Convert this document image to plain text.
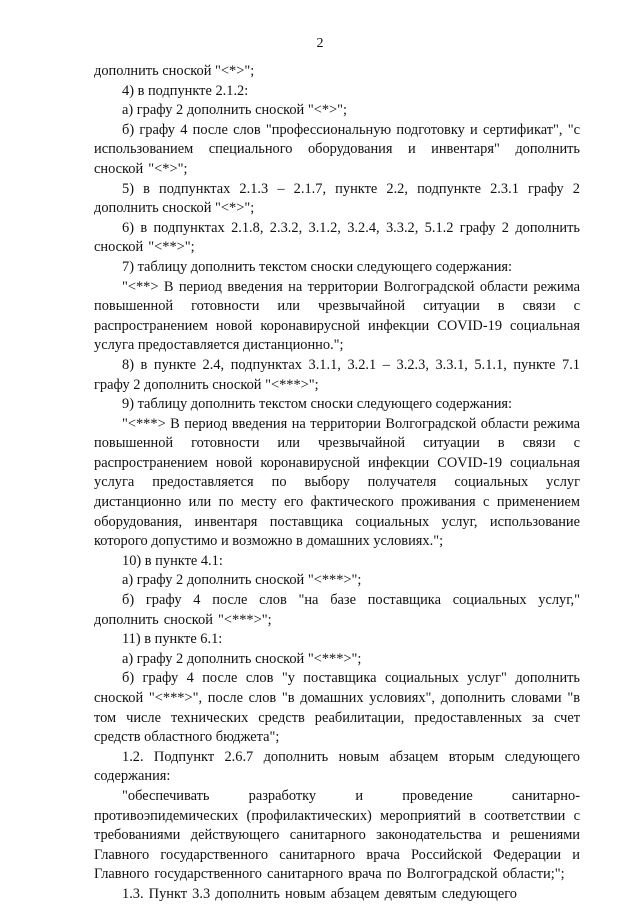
2

дополнить сноской "<*>";

4) в подпункте 2.1.2:

а) графу 2 дополнить сноской "<*>";

б) графу 4 после слов "профессиональную подготовку и сертификат", "с использованием специального оборудования и инвентаря" дополнить сноской "<*>";

5) в подпунктах 2.1.3 – 2.1.7, пункте 2.2, подпункте 2.3.1 графу 2 дополнить сноской "<*>";

6) в подпунктах 2.1.8, 2.3.2, 3.1.2, 3.2.4, 3.3.2, 5.1.2 графу 2 дополнить сноской "<**>";

7) таблицу дополнить текстом сноски следующего содержания:

"<**> В период введения на территории Волгоградской области режима повышенной готовности или чрезвычайной ситуации в связи с распространением новой коронавирусной инфекции COVID-19 социальная услуга предоставляется дистанционно.";

8) в пункте 2.4, подпунктах 3.1.1, 3.2.1 – 3.2.3, 3.3.1, 5.1.1, пункте 7.1 графу 2 дополнить сноской "<***>";

9) таблицу дополнить текстом сноски следующего содержания:

"<***> В период введения на территории Волгоградской области режима повышенной готовности или чрезвычайной ситуации в связи с распространением новой коронавирусной инфекции COVID-19 социальная услуга предоставляется по выбору получателя социальных услуг дистанционно или по месту его фактического проживания с применением оборудования, инвентаря поставщика социальных услуг, использование которого допустимо и возможно в домашних условиях.";

10) в пункте 4.1:

а) графу 2 дополнить сноской "<***>";

б) графу 4 после слов "на базе поставщика социальных услуг," дополнить сноской "<***>";

11) в пункте 6.1:

а) графу 2 дополнить сноской "<***>";

б) графу 4 после слов "у поставщика социальных услуг" дополнить сноской "<***>", после слов "в домашних условиях", дополнить словами "в том числе технических средств реабилитации, предоставленных за счет средств областного бюджета";

1.2. Подпункт 2.6.7 дополнить новым абзацем вторым следующего содержания:

"обеспечивать разработку и проведение санитарно-противоэпидемических (профилактических) мероприятий в соответствии с требованиями действующего санитарного законодательства и решениями Главного государственного санитарного врача Российской Федерации и Главного государственного санитарного врача по Волгоградской области;";

1.3. Пункт 3.3 дополнить новым абзацем девятым следующего
